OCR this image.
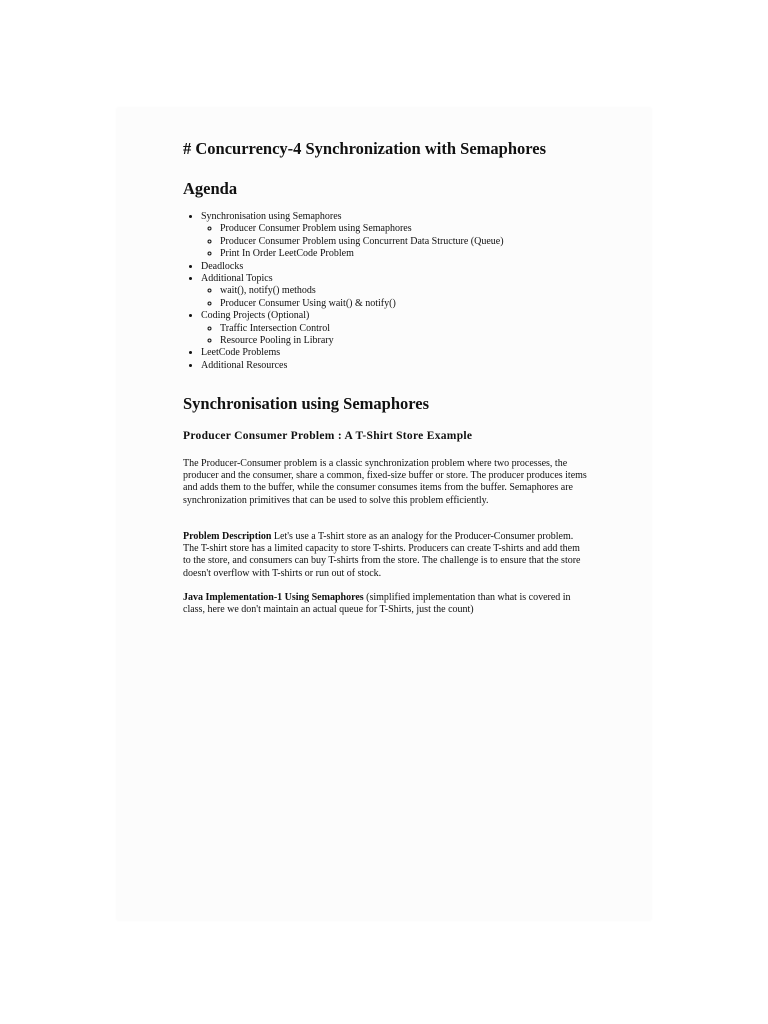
# Concurrency-4 Synchronization with Semaphores
Agenda
• Synchronisation using Semaphores
◦ Producer Consumer Problem using Semaphores
◦ Producer Consumer Problem using Concurrent Data Structure (Queue)
◦ Print In Order LeetCode Problem
• Deadlocks
• Additional Topics
◦ wait(), notify() methods
◦ Producer Consumer Using wait() & notify()
• Coding Projects (Optional)
◦ Traffic Intersection Control
◦ Resource Pooling in Library
• LeetCode Problems
• Additional Resources
Synchronisation using Semaphores
Producer Consumer Problem : A T-Shirt Store Example

The Producer-Consumer problem is a classic synchronization problem where two processes, the producer and the consumer, share a common, fixed-size buffer or store. The producer produces items and adds them to the buffer, while the consumer consumes items from the buffer. Semaphores are synchronization primitives that can be used to solve this problem efficiently.

Problem Description Let's use a T-shirt store as an analogy for the Producer-Consumer problem. The T-shirt store has a limited capacity to store T-shirts. Producers can create T-shirts and add them to the store, and consumers can buy T-shirts from the store. The challenge is to ensure that the store doesn't overflow with T-shirts or run out of stock.

Java Implementation-1 Using Semaphores (simplified implementation than what is covered in class, here we don't maintain an actual queue for T-Shirts, just the count)
